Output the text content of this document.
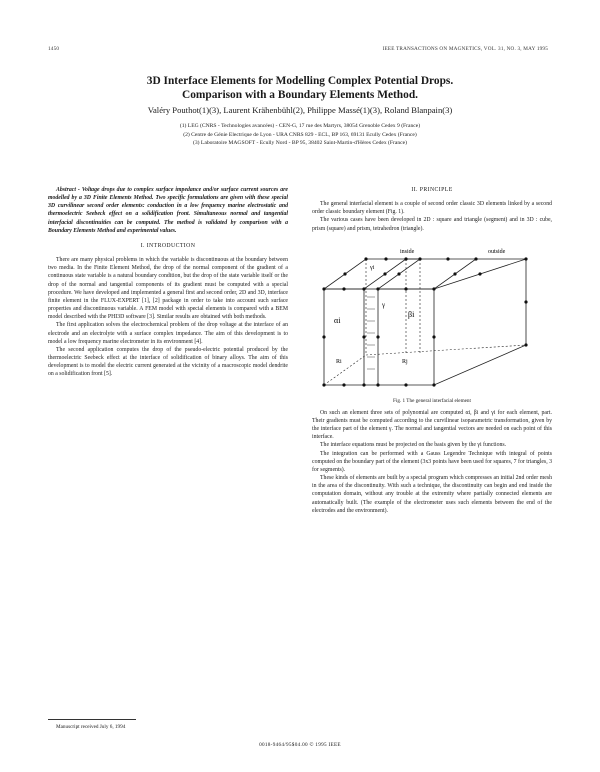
1450	IEEE TRANSACTIONS ON MAGNETICS, VOL. 31, NO. 3, MAY 1995
3D Interface Elements for Modelling Complex Potential Drops.
Comparison with a Boundary Elements Method.
Valéry Pouthot(1)(3), Laurent Krähenbühl(2), Philippe Massé(1)(3), Roland Blanpain(3)
(1) LEG (CNRS - Technologies avancées) - CEN-G, 17 rue des Martyrs, 38054 Grenoble Cedex 9 (France)
(2) Centre de Génie Electrique de Lyon - URA CNRS 829 - ECL, BP 163, 69131 Ecully Cedex (France)
(3) Laboratoire MAGSOFT - Ecully Nord - BP 95, 38402 Saint-Martin-d'Hères Cedex (France)

Abstract - Voltage drops due to complex surface impedance and/or surface current sources are modelled by a 3D Finite Elements Method. Two specific formulations are given with these special 3D curvilinear second order elements: conduction in a low frequency marine electrostatic and thermoelectric Seebeck effect on a solidification front. Simultaneous normal and tangential interfacial discontinuities can be computed. The method is validated by comparison with a Boundary Elements Method and experimental values.

I. INTRODUCTION

There are many physical problems in which the variable is discontinuous at the boundary between two media. In the Finite Element Method, the drop of the normal component of the gradient of a continuous state variable is a natural boundary condition, but the drop of the state variable itself or the drop of the normal and tangential components of its gradient must be computed with a special procedure. We have developed and implemented a general first and second order, 2D and 3D, interface finite element in the FLUX-EXPERT [1], [2] package in order to take into account such surface properties and discontinuous variable. A FEM model with special elements is compared with a BEM model described with the PHI3D software [3]. Similar results are obtained with both methods.

The first application solves the electrochemical problem of the drop voltage at the interface of an electrode and an electrolyte with a surface complex impedance. The aim of this development is to model a low frequency marine electrometer in its environment [4].

The second application computes the drop of the pseudo-electric potential produced by the thermoelectric Seebeck effect at the interface of solidification of binary alloys. The aim of this development is to model the electric current generated at the vicinity of a macroscopic model dendrite on a solidification front [5].

Manuscript received July 6, 1994
II. PRINCIPLE

The general interfacial element is a couple of second order classic 3D elements linked by a second order classic boundary element (Fig. 1).

The various cases have been developed in 2D : square and triangle (segment) and in 3D : cube, prism (square) and prism, tetrahedron (triangle).

inside	outside
αi
βi
Ri	Rj
γ
γi
Fig. 1 The general interfacial element

On such an element three sets of polynomial are computed αi, βi and γi for each element, part. Their gradients must be computed according to the curvilinear isoparametric transformation, given by the interface part of the element γ. The normal and tangential vectors are needed on each point of this interface.

The interface equations must be projected on the basis given by the γi functions.

The integration can be performed with a Gauss Legendre Technique with integral of points computed on the boundary part of the element (3x3 points have been used for squares, 7 for triangles, 3 for segments).

These kinds of elements are built by a special program which compresses an initial 2nd order mesh in the area of the discontinuity. With such a technique, the discontinuity can begin and end inside the computation domain, without any trouble at the extremity where partially connected elements are automatically built. (The example of the electrometer uses such elements between the end of the electrodes and the environment).

0018-9464/95$04.00 © 1995 IEEE
